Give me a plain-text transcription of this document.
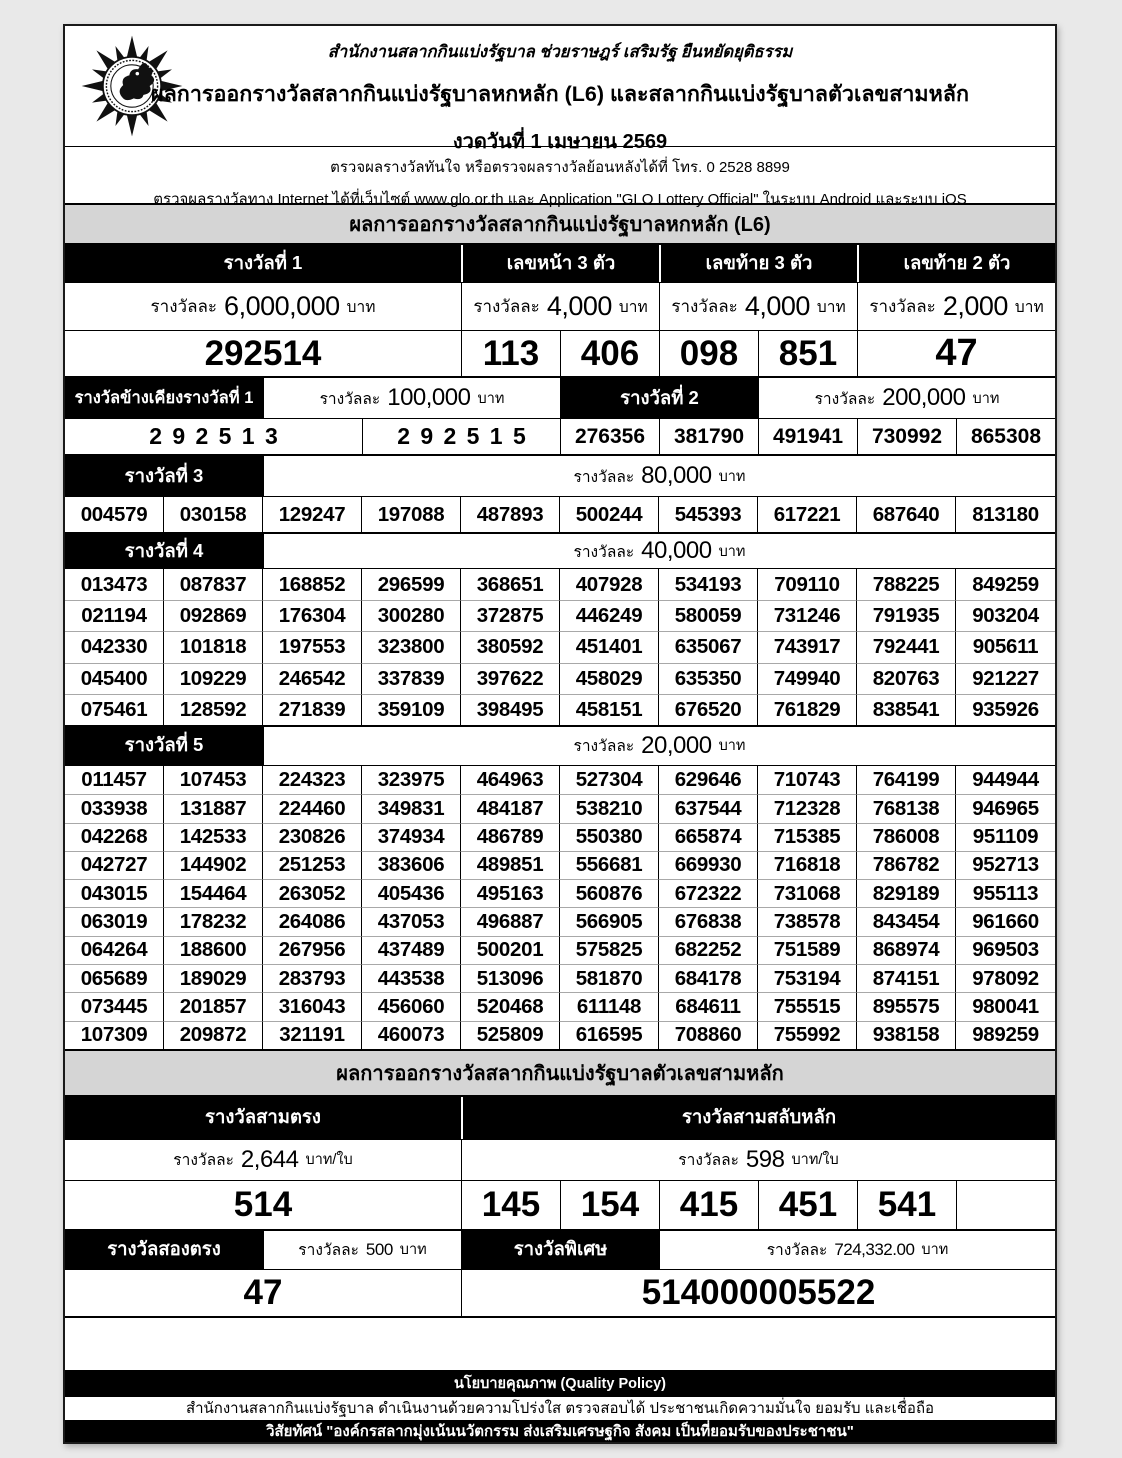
สำนักงานสลากกินแบ่งรัฐบาล ช่วยราษฎร์ เสริมรัฐ ยืนหยัดยุติธรรม
ผลการออกรางวัลสลากกินแบ่งรัฐบาลหกหลัก (L6) และสลากกินแบ่งรัฐบาลตัวเลขสามหลัก
งวดวันที่ 1 เมษายน 2569
ตรวจผลรางวัลทันใจ หรือตรวจผลรางวัลย้อนหลังได้ที่ โทร. 0 2528 8899
ตรวจผลรางวัลทาง Internet ได้ที่เว็บไซต์ www.glo.or.th และ Application "GLO Lottery Official" ในระบบ Android และระบบ iOS
ผลการออกรางวัลสลากกินแบ่งรัฐบาลหกหลัก (L6)
รางวัลที่ 1	เลขหน้า 3 ตัว	เลขท้าย 3 ตัว	เลขท้าย 2 ตัว
รางวัลละ 6,000,000 บาท	รางวัลละ 4,000 บาท รางวัลละ 4,000 บาท รางวัลละ 2,000 บาท
292514	113	406	098	851	47
รางวัลข้างเคียงรางวัลที่ 1	รางวัลละ 100,000 บาท	รางวัลที่ 2	รางวัลละ 200,000 บาท
292513	292515	276356	381790	491941	730992	865308
รางวัลที่ 3	รางวัลละ 80,000 บาท
004579	030158	129247	197088	487893	500244	545393	617221	687640	813180
รางวัลที่ 4	รางวัลละ 40,000 บาท
013473	087837	168852	296599	368651	407928	534193	709110	788225	849259
021194	092869	176304	300280	372875	446249	580059	731246	791935	903204
042330	101818	197553	323800	380592	451401	635067	743917	792441	905611
045400	109229	246542	337839	397622	458029	635350	749940	820763	921227
075461	128592	271839	359109	398495	458151	676520	761829	838541	935926
รางวัลที่ 5	รางวัลละ 20,000 บาท
011457	107453	224323	323975	464963	527304	629646	710743	764199	944944
033938	131887	224460	349831	484187	538210	637544	712328	768138	946965
042268	142533	230826	374934	486789	550380	665874	715385	786008	951109
042727	144902	251253	383606	489851	556681	669930	716818	786782	952713
043015	154464	263052	405436	495163	560876	672322	731068	829189	955113
063019	178232	264086	437053	496887	566905	676838	738578	843454	961660
064264	188600	267956	437489	500201	575825	682252	751589	868974	969503
065689	189029	283793	443538	513096	581870	684178	753194	874151	978092
073445	201857	316043	456060	520468	611148	684611	755515	895575	980041
107309	209872	321191	460073	525809	616595	708860	755992	938158	989259
ผลการออกรางวัลสลากกินแบ่งรัฐบาลตัวเลขสามหลัก
รางวัลสามตรง	รางวัลสามสลับหลัก
รางวัลละ 2,644 บาท/ใบ	รางวัลละ 598 บาท/ใบ
514	145	154	415	451	541
รางวัลสองตรง	รางวัลละ 500 บาท	รางวัลพิเศษ	รางวัลละ 724,332.00 บาท
47	514000005522
นโยบายคุณภาพ (Quality Policy)
สำนักงานสลากกินแบ่งรัฐบาล ดำเนินงานด้วยความโปร่งใส ตรวจสอบได้ ประชาชนเกิดความมั่นใจ ยอมรับ และเชื่อถือ
วิสัยทัศน์ "องค์กรสลากมุ่งเน้นนวัตกรรม ส่งเสริมเศรษฐกิจ สังคม เป็นที่ยอมรับของประชาชน"
